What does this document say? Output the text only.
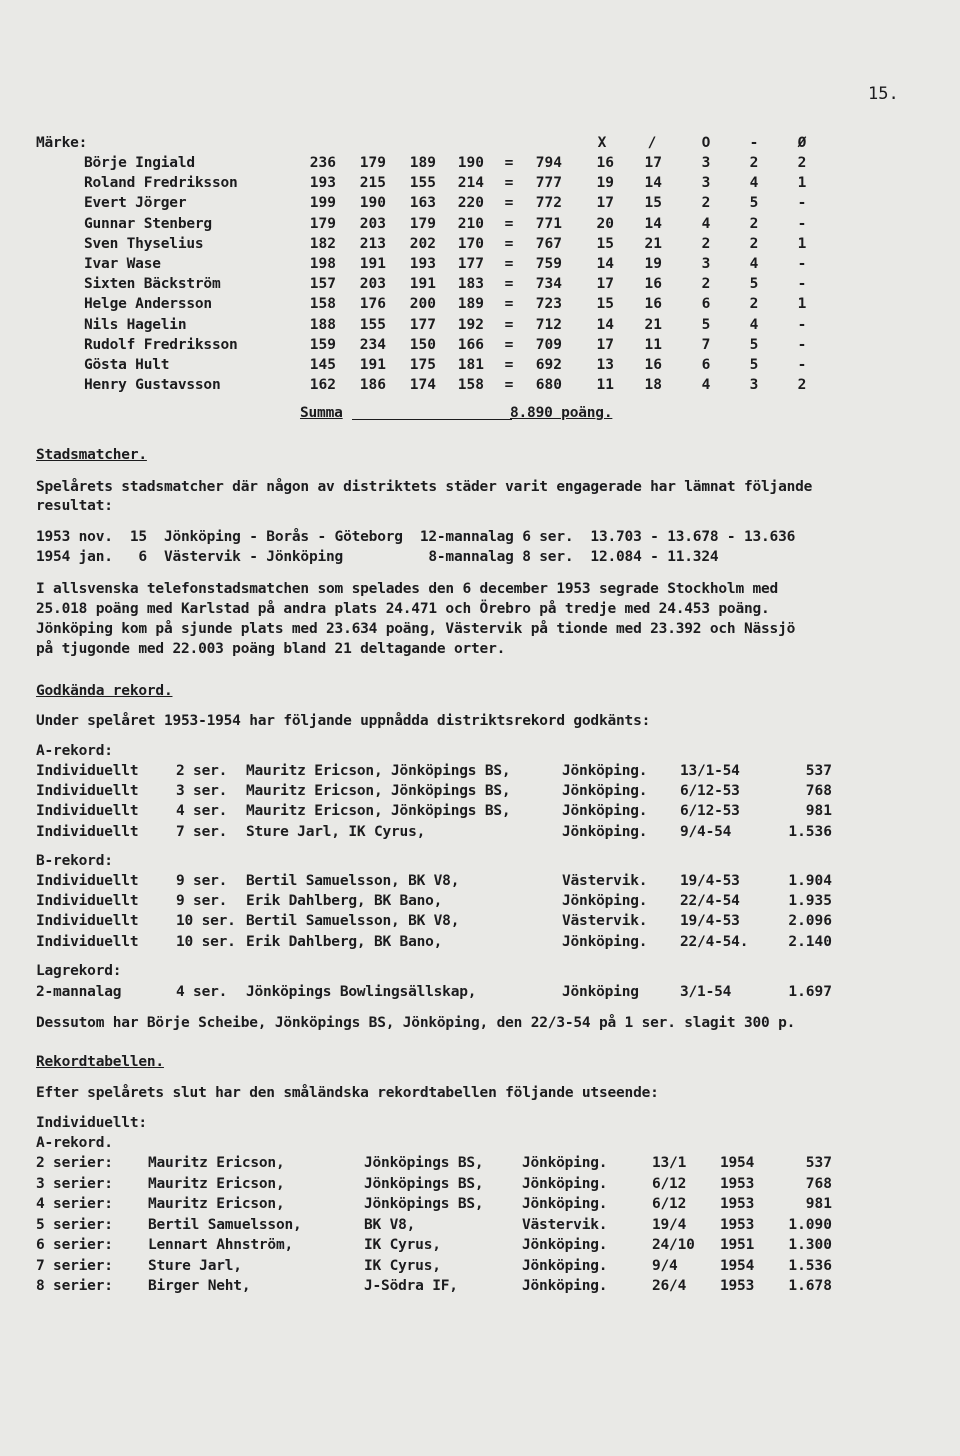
15.
Märke:	X	/	O	-	Ø
Summa	8.890 poäng.
Stadsmatcher.
Spelårets stadsmatcher där någon av distriktets städer varit engagerade har lämnat följande
resultat:
1953 nov.  15  Jönköping - Borås - Göteborg  12-mannalag 6 ser.  13.703 - 13.678 - 13.636
1954 jan.   6  Västervik - Jönköping          8-mannalag 8 ser.  12.084 - 11.324
I allsvenska telefonstadsmatchen som spelades den 6 december 1953 segrade Stockholm med
25.018 poäng med Karlstad på andra plats 24.471 och Örebro på tredje med 24.453 poäng.
Jönköping kom på sjunde plats med 23.634 poäng, Västervik på tionde med 23.392 och Nässjö
på tjugonde med 22.003 poäng bland 21 deltagande orter.
Godkända rekord.
Under spelåret 1953-1954 har följande uppnådda distriktsrekord godkänts:
A-rekord:
B-rekord:
Lagrekord:
Dessutom har Börje Scheibe, Jönköpings BS, Jönköping, den 22/3-54 på 1 ser. slagit 300 p.
Rekordtabellen.
Efter spelårets slut har den småländska rekordtabellen följande utseende:
Individuellt:
A-rekord.
Börje Ingiald	236	179	189	190	=	794	16	17	3	2	2
Roland Fredriksson	193	215	155	214	=	777	19	14	3	4	1
Evert Jörger	199	190	163	220	=	772	17	15	2	5	-
Gunnar Stenberg	179	203	179	210	=	771	20	14	4	2	-
Sven Thyselius	182	213	202	170	=	767	15	21	2	2	1
Ivar Wase	198	191	193	177	=	759	14	19	3	4	-
Sixten Bäckström	157	203	191	183	=	734	17	16	2	5	-
Helge Andersson	158	176	200	189	=	723	15	16	6	2	1
Nils Hagelin	188	155	177	192	=	712	14	21	5	4	-
Rudolf Fredriksson	159	234	150	166	=	709	17	11	7	5	-
Gösta Hult	145	191	175	181	=	692	13	16	6	5	-
Henry Gustavsson	162	186	174	158	=	680	11	18	4	3	2
Individuellt	2 ser. Mauritz Ericson, Jönköpings BS,	Jönköping. 13/1-54	537
Individuellt	3 ser. Mauritz Ericson, Jönköpings BS,	Jönköping. 6/12-53	768
Individuellt	4 ser. Mauritz Ericson, Jönköpings BS,	Jönköping. 6/12-53	981
Individuellt	7 ser. Sture Jarl, IK Cyrus,	Jönköping. 9/4-54	1.536
Individuellt	9 ser. Bertil Samuelsson, BK V8,	Västervik. 19/4-53	1.904
Individuellt	9 ser. Erik Dahlberg, BK Bano,	Jönköping. 22/4-54	1.935
Individuellt	10 ser. Bertil Samuelsson, BK V8,	Västervik. 19/4-53	2.096
Individuellt	10 ser. Erik Dahlberg, BK Bano,	Jönköping. 22/4-54.	2.140
2-mannalag	4 ser. Jönköpings Bowlingsällskap,	Jönköping	3/1-54	1.697
2 serier: Mauritz Ericson,	Jönköpings BS,	Jönköping.	13/1 1954	537
3 serier: Mauritz Ericson,	Jönköpings BS,	Jönköping.	6/12 1953	768
4 serier: Mauritz Ericson,	Jönköpings BS,	Jönköping.	6/12 1953	981
5 serier: Bertil Samuelsson,	BK V8,	Västervik.	19/4 1953	1.090
6 serier: Lennart Ahnström,	IK Cyrus,	Jönköping.	24/10 1951	1.300
7 serier: Sture Jarl,	IK Cyrus,	Jönköping.	9/4	1954	1.536
8 serier: Birger Neht,	J-Södra IF,	Jönköping.	26/4 1953	1.678
